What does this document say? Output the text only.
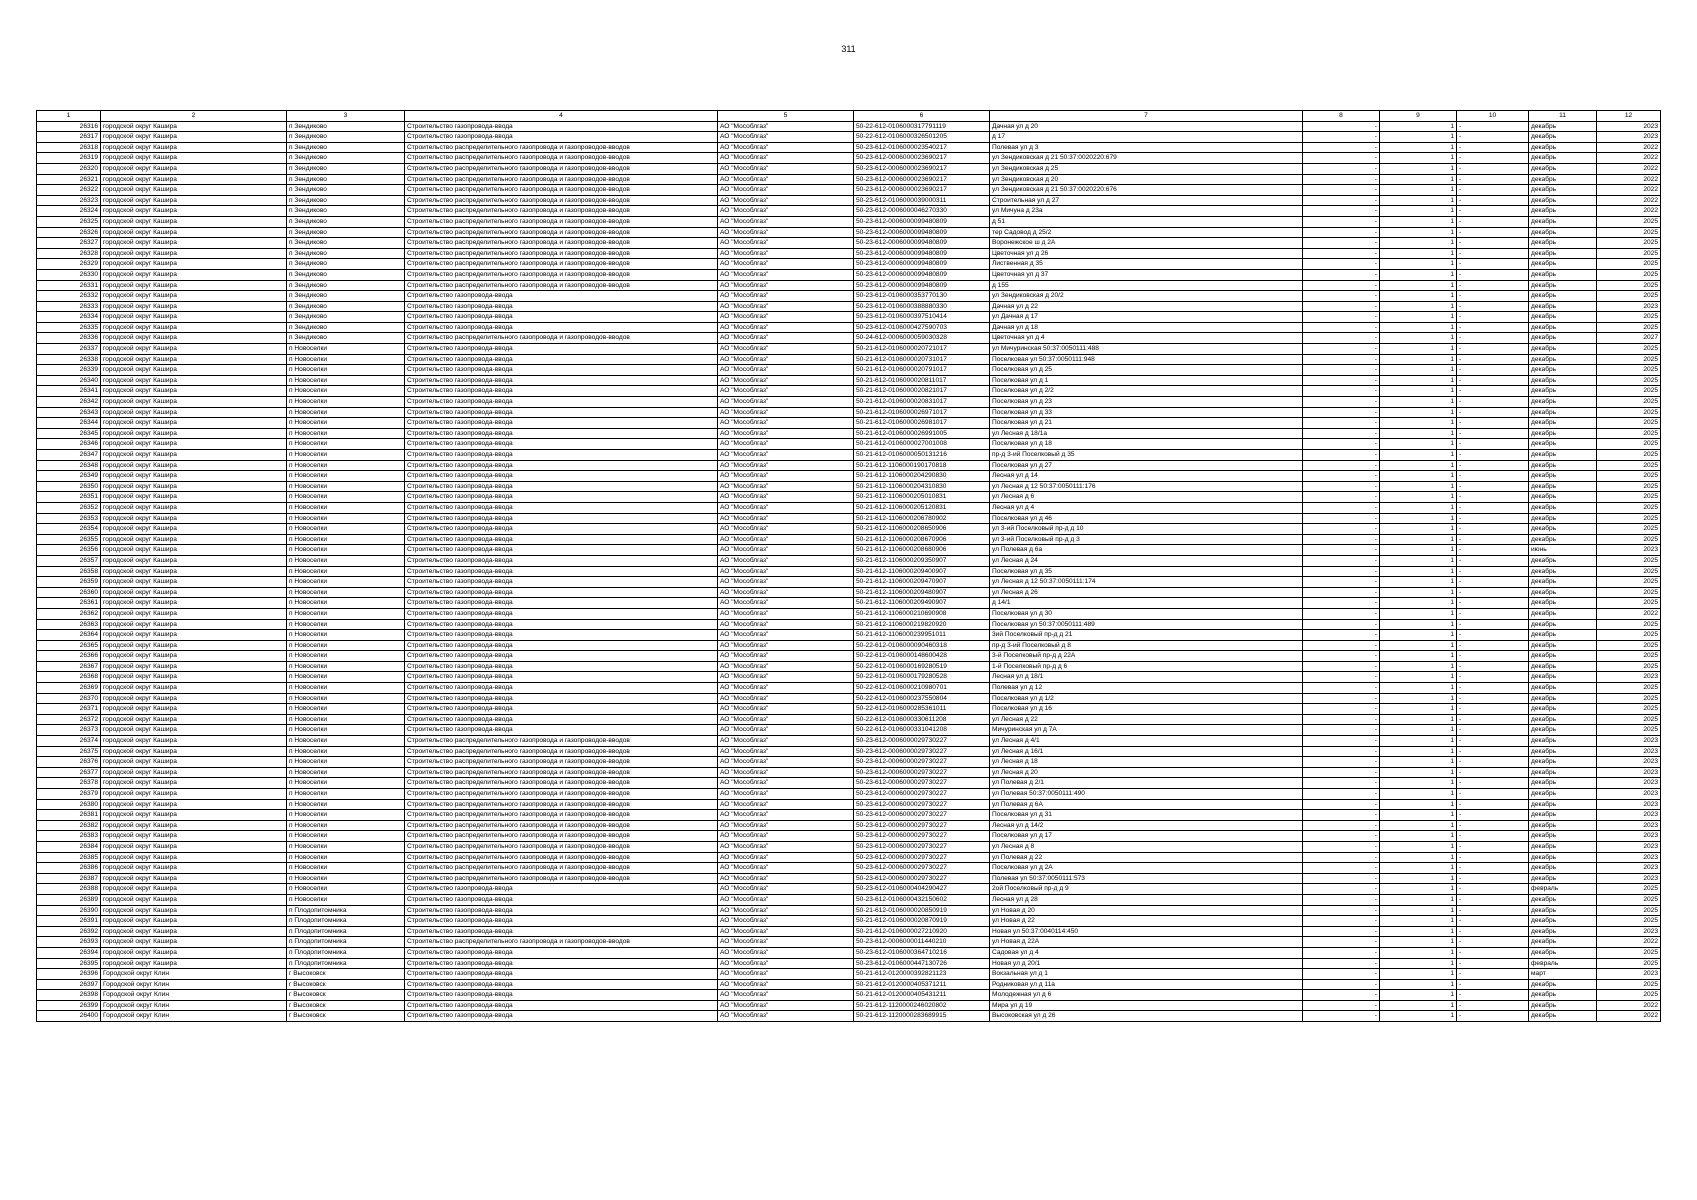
311
1	2	3	4	5	6	7	8	9	10	11	12
26316	городской округ Кашира	п Зендиково	Строительство газопровода-ввода	АО "Мособлгаз"	50-22-612-0106000317791119	Дачная ул д 20	-	1	-	декабрь	2023
26317	городской округ Кашира	п Зендиково	Строительство газопровода-ввода	АО "Мособлгаз"	50-22-612-0106000326501205	д 17	-	1	-	декабрь	2023
26318	городской округ Кашира	п Зендиково	Строительство распределительного газопровода и газопроводов-вводов	АО "Мособлгаз"	50-23-612-0106000023540217	Полевая ул д 3	-	1	-	декабрь	2022
26319	городской округ Кашира	п Зендиково	Строительство распределительного газопровода и газопроводов-вводов	АО "Мособлгаз"	50-23-612-0006000023690217	ул Зендиковская д 21 50:37:0020220:679	-	1	-	декабрь	2022
26320	городской округ Кашира	п Зендиково	Строительство распределительного газопровода и газопроводов-вводов	АО "Мособлгаз"	50-23-612-0006000023690217	ул Зендиковская д 25	-	1	-	декабрь	2022
26321	городской округ Кашира	п Зендиково	Строительство распределительного газопровода и газопроводов-вводов	АО "Мособлгаз"	50-23-612-0006000023690217	ул Зендиковская д 20	-	1	-	декабрь	2022
26322	городской округ Кашира	п Зендиково	Строительство распределительного газопровода и газопроводов-вводов	АО "Мособлгаз"	50-23-612-0006000023690217	ул Зендиковская д 21 50:37:0020220:676	-	1	-	декабрь	2022
26323	городской округ Кашира	п Зендиково	Строительство распределительного газопровода и газопроводов-вводов	АО "Мособлгаз"	50-23-612-0106000039000311	Строительная ул д 27	-	1	-	декабрь	2022
26324	городской округ Кашира	п Зендиково	Строительство распределительного газопровода и газопроводов-вводов	АО "Мособлгаз"	50-23-612-0006000046270330	ул Мичуна д 23а	-	1	-	декабрь	2022
26325	городской округ Кашира	п Зендиково	Строительство распределительного газопровода и газопроводов-вводов	АО "Мособлгаз"	50-23-612-0006000099480809	д 51	-	1	-	декабрь	2025
26326	городской округ Кашира	п Зендиково	Строительство распределительного газопровода и газопроводов-вводов	АО "Мособлгаз"	50-23-612-0006000099480809	тер Садовод д 25/2	-	1	-	декабрь	2025
26327	городской округ Кашира	п Зендиково	Строительство распределительного газопровода и газопроводов-вводов	АО "Мособлгаз"	50-23-612-0006000099480809	Воронежское ш д 2А	-	1	-	декабрь	2025
26328	городской округ Кашира	п Зендиково	Строительство распределительного газопровода и газопроводов-вводов	АО "Мособлгаз"	50-23-612-0006000099480809	Цветочная ул д 26	-	1	-	декабрь	2025
26329	городской округ Кашира	п Зендиково	Строительство распределительного газопровода и газопроводов-вводов	АО "Мособлгаз"	50-23-612-0006000099480809	Лиственная д 35	-	1	-	декабрь	2025
26330	городской округ Кашира	п Зендиково	Строительство распределительного газопровода и газопроводов-вводов	АО "Мособлгаз"	50-23-612-0006000099480809	Цветочная ул д 37	-	1	-	декабрь	2025
26331	городской округ Кашира	п Зендиково	Строительство распределительного газопровода и газопроводов-вводов	АО "Мособлгаз"	50-23-612-0006000099480809	д 155	-	1	-	декабрь	2025
26332	городской округ Кашира	п Зендиково	Строительство газопровода-ввода	АО "Мособлгаз"	50-23-612-0106000353770130	ул Зендиковская д 20/2	-	1	-	декабрь	2025
26333	городской округ Кашира	п Зендиково	Строительство газопровода-ввода	АО "Мособлгаз"	50-23-612-0106000388880330	Дачная ул д 22	-	1	-	декабрь	2023
26334	городской округ Кашира	п Зендиково	Строительство газопровода-ввода	АО "Мособлгаз"	50-23-612-0106000397510414	ул Дачная д 17	-	1	-	декабрь	2025
26335	городской округ Кашира	п Зендиково	Строительство газопровода-ввода	АО "Мособлгаз"	50-23-612-0106000427590703	Дачная ул д 18	-	1	-	декабрь	2025
26336	городской округ Кашира	п Зендиково	Строительство распределительного газопровода и газопроводов-вводов	АО "Мособлгаз"	50-24-612-0006000059030328	Цветочная ул д 4	-	1	-	декабрь	2027
26337	городской округ Кашира	п Новоселки	Строительство газопровода-ввода	АО "Мособлгаз"	50-21-612-0106000020721017	ул Мичуринская 50:37:0050111:488	-	1	-	декабрь	2025
26338	городской округ Кашира	п Новоселки	Строительство газопровода-ввода	АО "Мособлгаз"	50-21-612-0106000020731017	Поселковая ул 50:37:0050111:948	-	1	-	декабрь	2025
26339	городской округ Кашира	п Новоселки	Строительство газопровода-ввода	АО "Мособлгаз"	50-21-612-0106000020791017	Поселковая ул д 25	-	1	-	декабрь	2025
26340	городской округ Кашира	п Новоселки	Строительство газопровода-ввода	АО "Мособлгаз"	50-21-612-0106000020811017	Поселковая ул д 1	-	1	-	декабрь	2025
26341	городской округ Кашира	п Новоселки	Строительство газопровода-ввода	АО "Мособлгаз"	50-21-612-0106000020821017	Поселковая ул д 2/2	-	1	-	декабрь	2025
26342	городской округ Кашира	п Новоселки	Строительство газопровода-ввода	АО "Мособлгаз"	50-21-612-0106000020831017	Поселковая ул д 23	-	1	-	декабрь	2025
26343	городской округ Кашира	п Новоселки	Строительство газопровода-ввода	АО "Мособлгаз"	50-21-612-0106000026971017	Поселковая ул д 33	-	1	-	декабрь	2025
26344	городской округ Кашира	п Новоселки	Строительство газопровода-ввода	АО "Мособлгаз"	50-21-612-0106000026981017	Поселковая ул д 21	-	1	-	декабрь	2025
26345	городской округ Кашира	п Новоселки	Строительство газопровода-ввода	АО "Мособлгаз"	50-21-612-0106000026991005	ул Лесная д 18/1а	-	1	-	декабрь	2025
26346	городской округ Кашира	п Новоселки	Строительство газопровода-ввода	АО "Мособлгаз"	50-21-612-0106000027001008	Поселковая ул д 18	-	1	-	декабрь	2025
26347	городской округ Кашира	п Новоселки	Строительство газопровода-ввода	АО "Мособлгаз"	50-21-612-0106000050131216	пр-д 3-ий Поселковый д 35	-	1	-	декабрь	2025
26348	городской округ Кашира	п Новоселки	Строительство газопровода-ввода	АО "Мособлгаз"	50-21-612-1106000190170818	Поселковая ул д 27	-	1	-	декабрь	2025
26349	городской округ Кашира	п Новоселки	Строительство газопровода-ввода	АО "Мособлгаз"	50-21-612-1106000204290830	Лесная ул д 14	-	1	-	декабрь	2025
26350	городской округ Кашира	п Новоселки	Строительство газопровода-ввода	АО "Мособлгаз"	50-21-612-1106000204310830	ул Лесная д 12 50:37:0050111:176	-	1	-	декабрь	2025
26351	городской округ Кашира	п Новоселки	Строительство газопровода-ввода	АО "Мособлгаз"	50-21-612-1106000205010831	ул Лесная д 6	-	1	-	декабрь	2025
26352	городской округ Кашира	п Новоселки	Строительство газопровода-ввода	АО "Мособлгаз"	50-21-612-1106000205120831	Лесная ул д 4	-	1	-	декабрь	2025
26353	городской округ Кашира	п Новоселки	Строительство газопровода-ввода	АО "Мособлгаз"	50-21-612-1106000206780902	Поселковая ул д 46	-	1	-	декабрь	2025
26354	городской округ Кашира	п Новоселки	Строительство газопровода-ввода	АО "Мособлгаз"	50-21-612-1106000208650906	ул 3-ий Поселковый пр-д д 10	-	1	-	декабрь	2025
26355	городской округ Кашира	п Новоселки	Строительство газопровода-ввода	АО "Мособлгаз"	50-21-612-1106000208670906	ул 3-ий Поселковый пр-д д 3	-	1	-	декабрь	2025
26356	городской округ Кашира	п Новоселки	Строительство газопровода-ввода	АО "Мособлгаз"	50-21-612-1106000208680906	ул Полевая д 6а	-	1	-	июнь	2023
26357	городской округ Кашира	п Новоселки	Строительство газопровода-ввода	АО "Мособлгаз"	50-21-612-1106000209350907	ул Лесная д 24	-	1	-	декабрь	2025
26358	городской округ Кашира	п Новоселки	Строительство газопровода-ввода	АО "Мособлгаз"	50-21-612-1106000209400907	Поселковая ул д 35	-	1	-	декабрь	2025
26359	городской округ Кашира	п Новоселки	Строительство газопровода-ввода	АО "Мособлгаз"	50-21-612-1106000209470907	ул Лесная д 12 50:37:0050111:174	-	1	-	декабрь	2025
26360	городской округ Кашира	п Новоселки	Строительство газопровода-ввода	АО "Мособлгаз"	50-21-612-1106000209480907	ул Лесная д 26	-	1	-	декабрь	2025
26361	городской округ Кашира	п Новоселки	Строительство газопровода-ввода	АО "Мособлгаз"	50-21-612-1106000209490907	д 14/1	-	1	-	декабрь	2025
26362	городской округ Кашира	п Новоселки	Строительство газопровода-ввода	АО "Мособлгаз"	50-21-612-1106000210690908	Поселковая ул д 30	-	1	-	декабрь	2022
26363	городской округ Кашира	п Новоселки	Строительство газопровода-ввода	АО "Мособлгаз"	50-21-612-1106000219820920	Поселковая ул 50:37:0050111:489	-	1	-	декабрь	2025
26364	городской округ Кашира	п Новоселки	Строительство газопровода-ввода	АО "Мособлгаз"	50-21-612-1106000239951011	3ий Поселковый пр-д д 21	-	1	-	декабрь	2025
26365	городской округ Кашира	п Новоселки	Строительство газопровода-ввода	АО "Мособлгаз"	50-22-612-0106000090460318	пр-д 3-ий Поселковый д 8	-	1	-	декабрь	2025
26366	городской округ Кашира	п Новоселки	Строительство газопровода-ввода	АО "Мособлгаз"	50-22-612-0106000148600428	3-й Поселковый пр-д д 22А	-	1	-	декабрь	2025
26367	городской округ Кашира	п Новоселки	Строительство газопровода-ввода	АО "Мособлгаз"	50-22-612-0106000169280519	1-й Поселковый пр-д д 6	-	1	-	декабрь	2025
26368	городской округ Кашира	п Новоселки	Строительство газопровода-ввода	АО "Мособлгаз"	50-22-612-0106000179280528	Лесная ул д 18/1	-	1	-	декабрь	2023
26369	городской округ Кашира	п Новоселки	Строительство газопровода-ввода	АО "Мособлгаз"	50-22-612-0106000210980701	Полевая ул д 12	-	1	-	декабрь	2025
26370	городской округ Кашира	п Новоселки	Строительство газопровода-ввода	АО "Мособлгаз"	50-22-612-0106000237550804	Поселковая ул д 1/2	-	1	-	декабрь	2025
26371	городской округ Кашира	п Новоселки	Строительство газопровода-ввода	АО "Мособлгаз"	50-22-612-0106000285361011	Поселковая ул д 16	-	1	-	декабрь	2025
26372	городской округ Кашира	п Новоселки	Строительство газопровода-ввода	АО "Мособлгаз"	50-22-612-0106000330611208	ул Лесная д 22	-	1	-	декабрь	2025
26373	городской округ Кашира	п Новоселки	Строительство газопровода-ввода	АО "Мособлгаз"	50-22-612-0106000331041208	Мичуринская ул д 7А	-	1	-	декабрь	2025
26374	городской округ Кашира	п Новоселки	Строительство распределительного газопровода и газопроводов-вводов	АО "Мособлгаз"	50-23-612-0006000029730227	ул Лесная д 4/1	-	1	-	декабрь	2023
26375	городской округ Кашира	п Новоселки	Строительство распределительного газопровода и газопроводов-вводов	АО "Мособлгаз"	50-23-612-0006000029730227	ул Лесная д 16/1	-	1	-	декабрь	2023
26376	городской округ Кашира	п Новоселки	Строительство распределительного газопровода и газопроводов-вводов	АО "Мособлгаз"	50-23-612-0006000029730227	ул Лесная д 18	-	1	-	декабрь	2023
26377	городской округ Кашира	п Новоселки	Строительство распределительного газопровода и газопроводов-вводов	АО "Мособлгаз"	50-23-612-0006000029730227	ул Лесная д 20	-	1	-	декабрь	2023
26378	городской округ Кашира	п Новоселки	Строительство распределительного газопровода и газопроводов-вводов	АО "Мособлгаз"	50-23-612-0006000029730227	ул Полевая д 2/1	-	1	-	декабрь	2023
26379	городской округ Кашира	п Новоселки	Строительство распределительного газопровода и газопроводов-вводов	АО "Мособлгаз"	50-23-612-0006000029730227	ул Полевая 50:37:0050111:490	-	1	-	декабрь	2023
26380	городской округ Кашира	п Новоселки	Строительство распределительного газопровода и газопроводов-вводов	АО "Мособлгаз"	50-23-612-0006000029730227	ул Полевая д 6А	-	1	-	декабрь	2023
26381	городской округ Кашира	п Новоселки	Строительство распределительного газопровода и газопроводов-вводов	АО "Мособлгаз"	50-23-612-0006000029730227	Поселковая ул д 31	-	1	-	декабрь	2023
26382	городской округ Кашира	п Новоселки	Строительство распределительного газопровода и газопроводов-вводов	АО "Мособлгаз"	50-23-612-0006000029730227	Лесная ул д 14/2	-	1	-	декабрь	2023
26383	городской округ Кашира	п Новоселки	Строительство распределительного газопровода и газопроводов-вводов	АО "Мособлгаз"	50-23-612-0006000029730227	Поселковая ул д 17	-	1	-	декабрь	2023
26384	городской округ Кашира	п Новоселки	Строительство распределительного газопровода и газопроводов-вводов	АО "Мособлгаз"	50-23-612-0006000029730227	ул Лесная д 8	-	1	-	декабрь	2023
26385	городской округ Кашира	п Новоселки	Строительство распределительного газопровода и газопроводов-вводов	АО "Мособлгаз"	50-23-612-0006000029730227	ул Полевая д 22	-	1	-	декабрь	2023
26386	городской округ Кашира	п Новоселки	Строительство распределительного газопровода и газопроводов-вводов	АО "Мособлгаз"	50-23-612-0006000029730227	Поселковая ул д 2А	-	1	-	декабрь	2023
26387	городской округ Кашира	п Новоселки	Строительство распределительного газопровода и газопроводов-вводов	АО "Мособлгаз"	50-23-612-0006000029730227	Полевая ул 50:37:0050111:573	-	1	-	декабрь	2023
26388	городской округ Кашира	п Новоселки	Строительство газопровода-ввода	АО "Мособлгаз"	50-23-612-0106000404290427	2ой Поселковый пр-д д 9	-	1	-	февраль	2025
26389	городской округ Кашира	п Новоселки	Строительство газопровода-ввода	АО "Мособлгаз"	50-23-612-0106000432150602	Лесная ул д 28	-	1	-	декабрь	2025
26390	городской округ Кашира	п Плодопитомника	Строительство газопровода-ввода	АО "Мособлгаз"	50-21-612-0106000020850919	ул Новая д 20	-	1	-	декабрь	2025
26391	городской округ Кашира	п Плодопитомника	Строительство газопровода-ввода	АО "Мособлгаз"	50-21-612-0106000020870919	ул Новая д 22	-	1	-	декабрь	2025
26392	городской округ Кашира	п Плодопитомника	Строительство газопровода-ввода	АО "Мособлгаз"	50-21-612-0106000027210920	Новая ул 50:37:0040114:450	-	1	-	декабрь	2023
26393	городской округ Кашира	п Плодопитомника	Строительство распределительного газопровода и газопроводов-вводов	АО "Мособлгаз"	50-23-612-0006000011440210	ул Новая д 22А	-	1	-	декабрь	2022
26394	городской округ Кашира	п Плодопитомника	Строительство газопровода-ввода	АО "Мособлгаз"	50-23-612-0106000364710216	Садовая ул д 4	-	1	-	декабрь	2025
26395	городской округ Кашира	п Плодопитомника	Строительство газопровода-ввода	АО "Мособлгаз"	50-23-612-0106000447130726	Новая ул д 20/1	-	1	-	февраль	2025
26396	Городской округ Клин	г Высоковск	Строительство газопровода-ввода	АО "Мособлгаз"	50-21-612-0120000392821123	Вокзальная ул д 1	-	1	-	март	2023
26397	Городской округ Клин	г Высоковск	Строительство газопровода-ввода	АО "Мособлгаз"	50-21-612-0120000405371211	Родниковая ул д 11а	-	1	-	декабрь	2025
26398	Городской округ Клин	г Высоковск	Строительство газопровода-ввода	АО "Мособлгаз"	50-21-612-0120000405431211	Молодежная ул д 6	-	1	-	декабрь	2025
26399	Городской округ Клин	г Высоковск	Строительство газопровода-ввода	АО "Мособлгаз"	50-21-612-1120000246020802	Мира ул д 19	-	1	-	декабрь	2022
26400	Городской округ Клин	г Высоковск	Строительство газопровода-ввода	АО "Мособлгаз"	50-21-612-1120000283689915	Высоковская ул д 26	-	1	-	декабрь	2022
